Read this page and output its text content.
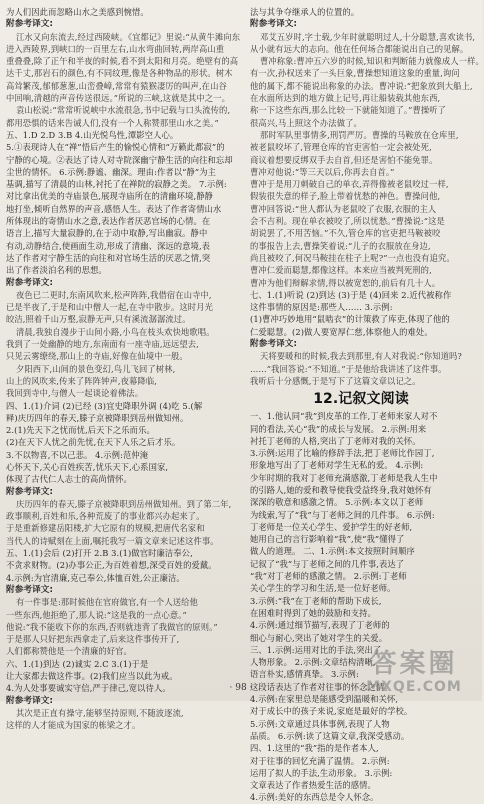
为人们因此而忽略山水之美感到惋惜。
附参考译文:
江水又向东流去,经过西陵峡。《宜都记》里说:“从黄牛滩向东
进入西陵界,到峡口的一百里左右,山水弯曲回转,两岸高山重
重叠叠,除了正午和半夜的时候,看不到太阳和月亮。绝壁有的高
达千丈,那岩石的颜色,有不同纹理,像是各种物品的形状。树木
高耸繁茂,郁郁葱葱,山峦叠嶂,常常有猿猴凄厉的叫声,在山谷
中回响,清越的声音传送很远。”所说的三峡,这就是其中之一。
袁山松说:“常常听说峡中水流很急,书中记载与口头流传的,
都用恐惧的话来告诫人们,没有一个人称赞那里山水之美。”
五、1.D 2.D 3.B 4.山光悦鸟性,潭影空人心。
5.①表现诗人在“禅”悟后产生的愉悦心情和“万籁此都寂”的
宁静的心境。②表达了诗人对寺院深幽宁静生活的向往和忘却
尘世的情怀。 6.示例:静谧、幽深。理由:作者以“静”为主
基调,描写了清晨的山林,衬托了在禅院的寂静之美。 7.示例:
对比拿出优美的寺庙景色,展现寺庙所在的清幽环境,静静
地打坐,倾听自然界的声音,感悟人生。表达了作者寄情山水
所体现出的寄情山水之意,表达作者厌恶官场的心情。在
语言上,描写大量寂静的,在于动中取静,写出幽寂。静中
有动,动静结合,使画面生动,形成了清幽、深远的意境,表
达了作者对宁静生活的向往和对官场生活的厌恶之情,突
出了作者淡泊名利的思想。
附参考译文:
夜色已二更时,东南风吹来,松声阵阵,我借宿在山寺中,
已是半夜了,于是和山中僧人一起,在寺中散步。这时月光
皎洁,照着千山万壑,寂静无声,只有溪流潺潺流过。
清晨,我独自漫步于山间小路,小鸟在枝头欢快地歌唱。
我到了一处幽静的地方,东南面有一座寺庙,远远望去,
只见云雾缭绕,那山上的寺庙,好像在仙境中一般。
夕阳西下,山间的景色变幻,鸟儿飞回了树林,
山上的风吹来,传来了阵阵钟声,夜幕降临,
我回到寺中,与僧人一起谈论着佛法。
四、1.(1)介词 (2)已经 (3)宜史降职外调 (4)吃 5.(解
释)庆历四年的春天,滕子京被降职到岳州做知州。
2.(1)先天下之忧而忧,后天下之乐而乐。
(2)在天下人忧之前先忧,在天下人乐之后才乐。
3.不以物喜,不以己悲。 4.示例:范仲淹
心怀天下,关心百姓疾苦,忧乐天下,心系国家,
体现了古代仁人志士的高尚情怀。
附参考译文:
庆历四年的春天,滕子京被降职到岳州做知州。到了第二年,
政事顺利,百姓和乐,各种荒废了的事业都兴办起来了。
于是重新修建岳阳楼,扩大它原有的规模,把唐代名家和
当代人的诗赋刻在上面,嘱托我写一篇文章来记述这件事。
五、1.(1)会后 (2)打开 2.B 3.(1)做官时廉洁奉公,
不贪求财物。(2)办事公正,为百姓着想,深受百姓的爱戴。
4.示例:为官清廉,克己奉公,体恤百姓,公正廉洁。
附参考译文:
有一件事是:那时候他在官府做官,有一个人送给他
一些东西,他拒绝了,那人说:“这是我的一点心意。”
他说:“我不能收下你的东西,否则就违背了我做官的原则。”
于是那人只好把东西拿走了,后来这件事传开了,
人们都称赞他是一个清廉的好官。
六、1.(1)到达 (2)诚实 2.C 3.(1)于是
让大家都去做这件事。(2)我们应当以此为戒。
4.为人处事要诚实守信,严于律己,宽以待人。
附参考译文:
其次是正直有操守,能够坚持原则,不随波逐流,
这样的人才能成为国家的栋梁之才。
法与其争夺继承人的位置的。
附参考译文:
邓艾五岁时,字士载,少年时就聪明过人,十分聪慧,喜欢读书,
从小就有远大的志向。他在任何场合都能说出自己的见解。
曹冲称象:曹冲五六岁的时候,知识和判断能力就像成人一样。
有一次,孙权送来了一头巨象,曹操想知道这象的重量,询问
他的属下,都不能说出称象的办法。曹冲说:“把象放到大船上,
在水面所达到的地方做上记号,再让船装载其他东西,
称一下这些东西,那么比较一下就能知道了。”曹操听了
很高兴,马上照这个办法做了。
那时军队里事情多,刑罚严厉。曹操的马鞍放在仓库里,
被老鼠咬坏了,管理仓库的官吏害怕一定会被处死,
商议着想要反绑双手去自首,但还是害怕不能免罪。
曹冲对他说:“等三天以后,你再去自首。”
曹冲于是用刀刺破自己的单衣,弄得像被老鼠咬过一样,
假装很失意的样子,脸上带着忧愁的神色。曹操问他,
曹冲回答说:“世人都认为老鼠咬了衣服,衣服的主人
会不吉利。现在单衣被咬了,所以忧愁。”曹操说:“这是
胡说罢了,不用苦恼。”不久,管仓库的官吏把马鞍被咬
的事报告上去,曹操笑着说:“儿子的衣服放在身边,
尚且被咬了,何况马鞍挂在柱子上呢?”一点也没有追究。
曹冲仁爱而聪慧,都像这样。本来应当被判死刑的,
曹冲为他们辩解求情,得以被宽恕的,前后有几十人。
七、1.(1)听说 (2)到达 (3)于是 (4)回来 2.近代被称作
这件事情的原因是:那些人…… 3.示例:
(1)曹冲巧妙地用“鼠啮衣”的计策救了库吏,体现了他的
仁爱聪慧。(2)做人要宽厚仁慈,体察他人的难处。
附参考译文:
天将要暖和的时候,我去到那里,有人对我说:“你知道吗?
……”我回答说:“不知道。”于是他给我讲述了这件事。
我听后十分感慨,于是写下了这篇文章以记之。
12.记叙文阅读
一、1.他认同“我”到皮革的工作,丁老师来家人对不
同的看法,关心“我”的成长与发展。 2.示例:用来
衬托丁老师的人格,突出了丁老师对我的关怀。
3.示例:运用了比喻的修辞手法,把丁老师比作园丁,
形象地写出了丁老师对学生无私的爱。 4.示例:
少年时期的我对丁老师充满感激,丁老师是我人生中
的引路人,她的爱和教导使我受益终身,我对她怀有
深深的敬意和感激之情。 5.示例:本文以丁老师
为线索,写了“我”与丁老师之间的几件事。 6.示例:
丁老师是一位关心学生、爱护学生的好老师,
她用自己的言行影响着“我”,使“我”懂得了
做人的道理。 二、1.示例:本文按照时间顺序
记叙了“我”与丁老师之间的几件事,表达了
“我”对丁老师的感激之情。 2.示例:丁老师
关心学生的学习和生活,是一位好老师。
3.示例:“我”在丁老师的帮助下成长,
在困难时得到了她的鼓励和支持。
4.示例:通过细节描写,表现了丁老师的
细心与耐心,突出了她对学生的关爱。
三、1.示例:运用对比的手法,突出了
人物形象。 2.示例:文章结构清晰,
语言朴实,感情真挚。 3.示例:
这段话表达了作者对往事的怀念之情。
4.示例:在家里总是能感受到温暖和关怀,
对于成长中的孩子来说,家庭是最好的学校。
5.示例:文章通过具体事例,表现了人物
品质。 6.示例:读了这篇文章,我深受感动。
四、1.这里的“我”指的是作者本人,
对于往事的回忆充满了温情。 2.示例:
运用了拟人的手法,生动形象。 3.示例:
文章表达了作者热爱生活的感情。
4.示例:美好的东西总是令人怀念。
· 98 ·
答案圈
MXQE.COM
